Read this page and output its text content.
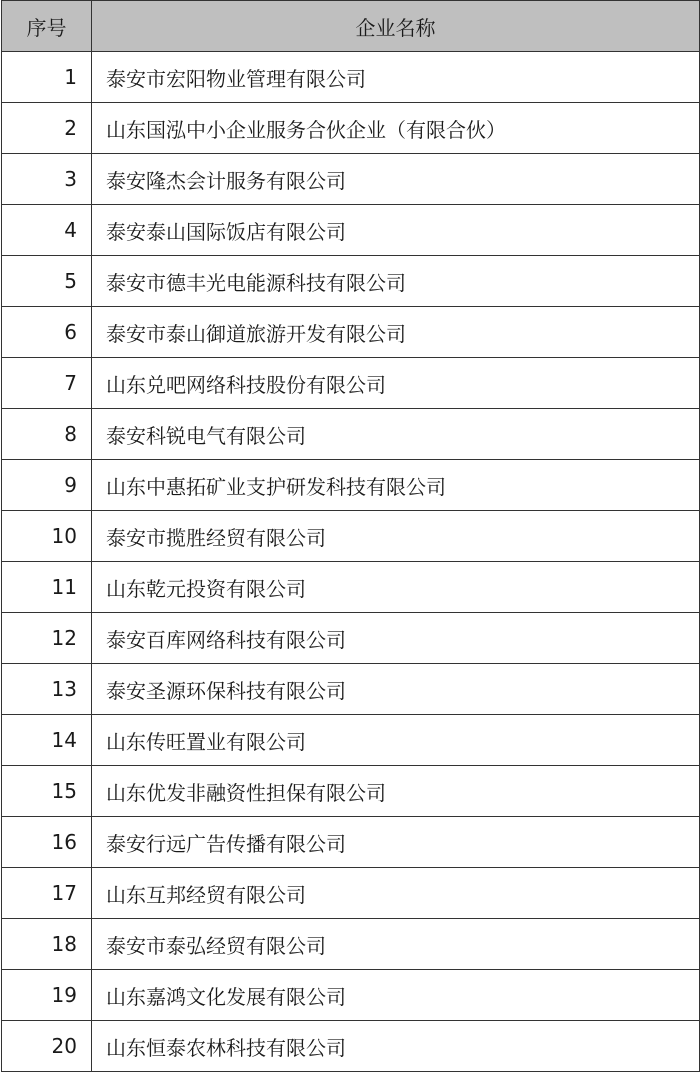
序号	企业名称
1	泰安市宏阳物业管理有限公司
2	山东国泓中小企业服务合伙企业（有限合伙）
3	泰安隆杰会计服务有限公司
4	泰安泰山国际饭店有限公司
5	泰安市德丰光电能源科技有限公司
6	泰安市泰山御道旅游开发有限公司
7	山东兑吧网络科技股份有限公司
8	泰安科锐电气有限公司
9	山东中惠拓矿业支护研发科技有限公司
10	泰安市揽胜经贸有限公司
11	山东乾元投资有限公司
12	泰安百库网络科技有限公司
13	泰安圣源环保科技有限公司
14	山东传旺置业有限公司
15	山东优发非融资性担保有限公司
16	泰安行远广告传播有限公司
17	山东互邦经贸有限公司
18	泰安市泰弘经贸有限公司
19	山东嘉鸿文化发展有限公司
20	山东恒泰农林科技有限公司
